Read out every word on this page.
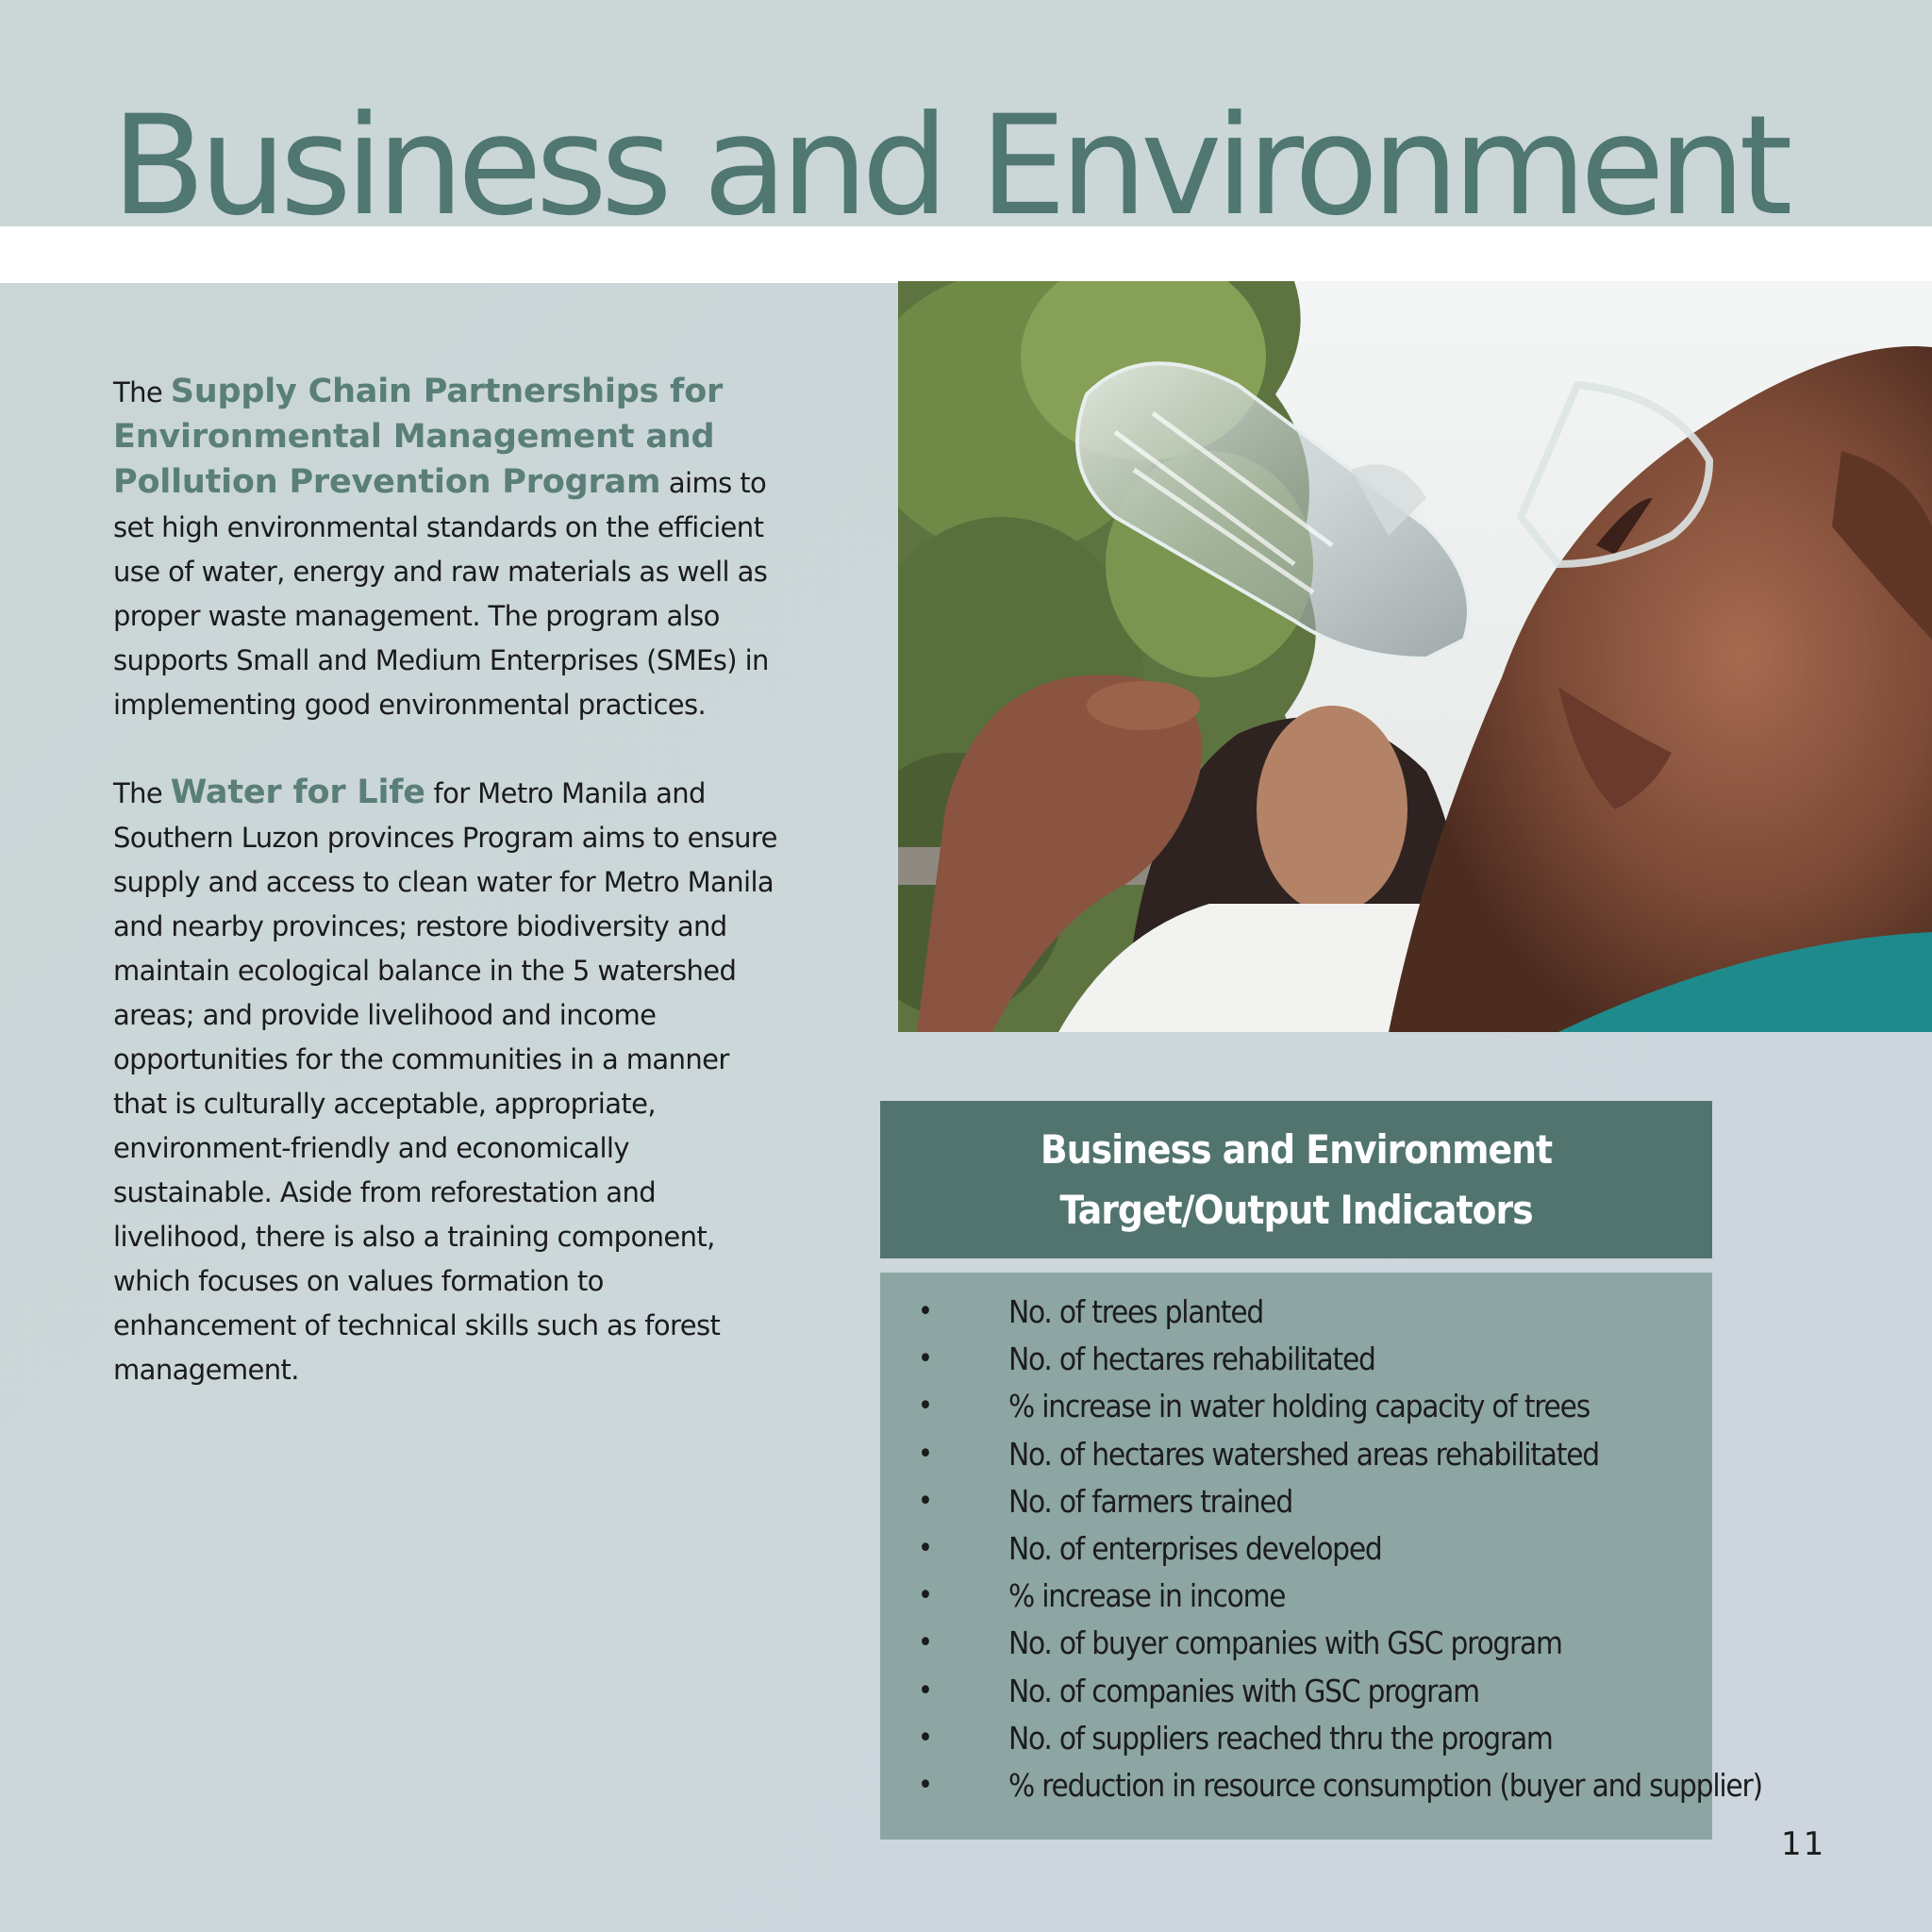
Business and Environment

The Supply Chain Partnerships for Environmental Management and Pollution Prevention Program aims to set high environmental standards on the efficient use of water, energy and raw materials as well as proper waste management. The program also supports Small and Medium Enterprises (SMEs) in implementing good environmental practices.

The Water for Life for Metro Manila and Southern Luzon provinces Program aims to ensure supply and access to clean water for Metro Manila and nearby provinces; restore biodiversity and maintain ecological balance in the 5 watershed areas; and provide livelihood and income opportunities for the communities in a manner that is culturally acceptable, appropriate, environment-friendly and economically sustainable. Aside from reforestation and livelihood, there is also a training component, which focuses on values formation to enhancement of technical skills such as forest management.

Business and Environment
Target/Output Indicators
•	No. of trees planted
•	No. of hectares rehabilitated
•	% increase in water holding capacity of trees
•	No. of hectares watershed areas rehabilitated
•	No. of farmers trained
•	No. of enterprises developed
•	% increase in income
•	No. of buyer companies with GSC program
•	No. of companies with GSC program
•	No. of suppliers reached thru the program
•	% reduction in resource consumption (buyer and supplier)
11
